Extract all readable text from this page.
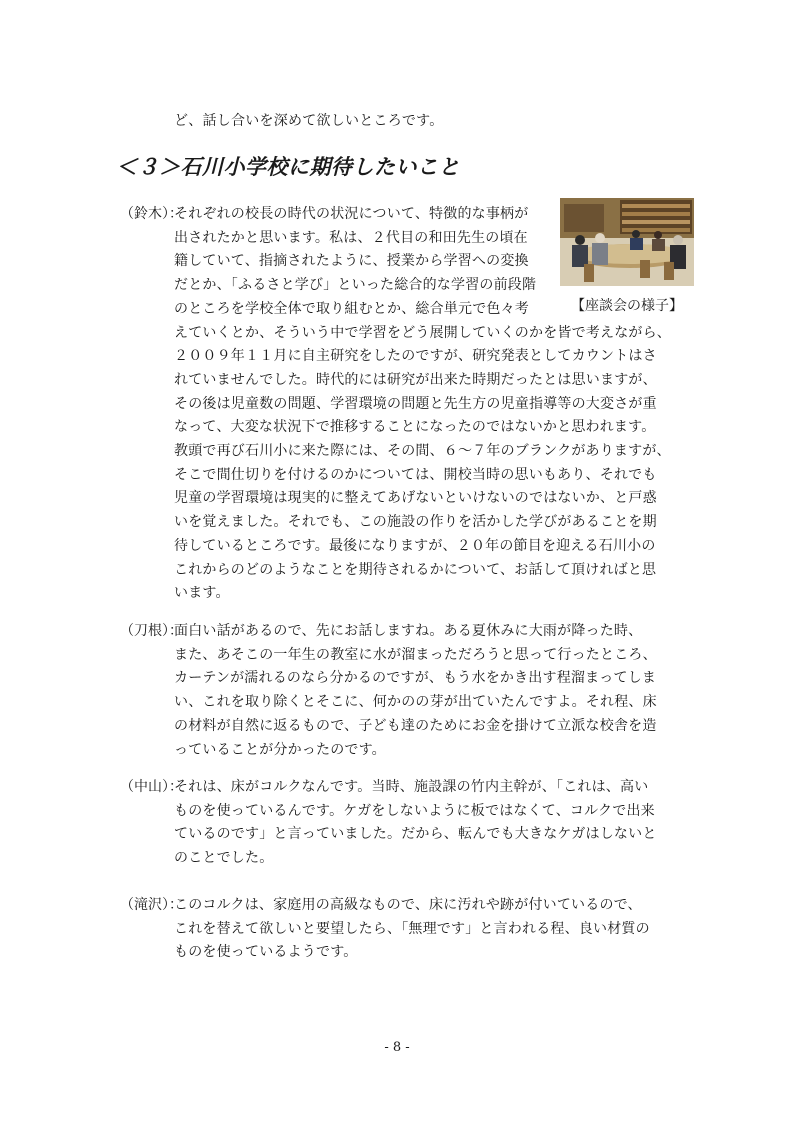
ど、話し合いを深めて欲しいところです。
＜３＞石川小学校に期待したいこと
【座談会の様子】
（鈴木）：
それぞれの校長の時代の状況について、特徴的な事柄が
出されたかと思います。私は、２代目の和田先生の頃在
籍していて、指摘されたように、授業から学習への変換
だとか、「ふるさと学び」といった総合的な学習の前段階
のところを学校全体で取り組むとか、総合単元で色々考
えていくとか、そういう中で学習をどう展開していくのかを皆で考えながら、
２００９年１１月に自主研究をしたのですが、研究発表としてカウントはさ
れていませんでした。時代的には研究が出来た時期だったとは思いますが、
その後は児童数の問題、学習環境の問題と先生方の児童指導等の大変さが重
なって、大変な状況下で推移することになったのではないかと思われます。
教頭で再び石川小に来た際には、その間、６～７年のブランクがありますが、
そこで間仕切りを付けるのかについては、開校当時の思いもあり、それでも
児童の学習環境は現実的に整えてあげないといけないのではないか、と戸惑
いを覚えました。それでも、この施設の作りを活かした学びがあることを期
待しているところです。最後になりますが、２０年の節目を迎える石川小の
これからのどのようなことを期待されるかについて、お話して頂ければと思
います。
（刀根）：
面白い話があるので、先にお話しますね。ある夏休みに大雨が降った時、
また、あそこの一年生の教室に水が溜まっただろうと思って行ったところ、
カーテンが濡れるのなら分かるのですが、もう水をかき出す程溜まってしま
い、これを取り除くとそこに、何かのの芽が出ていたんですよ。それ程、床
の材料が自然に返るもので、子ども達のためにお金を掛けて立派な校舎を造
っていることが分かったのです。
（中山）：
それは、床がコルクなんです。当時、施設課の竹内主幹が、「これは、高い
ものを使っているんです。ケガをしないように板ではなくて、コルクで出来
ているのです」と言っていました。だから、転んでも大きなケガはしないと
のことでした。
（滝沢）：
このコルクは、家庭用の高級なもので、床に汚れや跡が付いているので、
これを替えて欲しいと要望したら、「無理です」と言われる程、良い材質の
ものを使っているようです。
- 8 -
